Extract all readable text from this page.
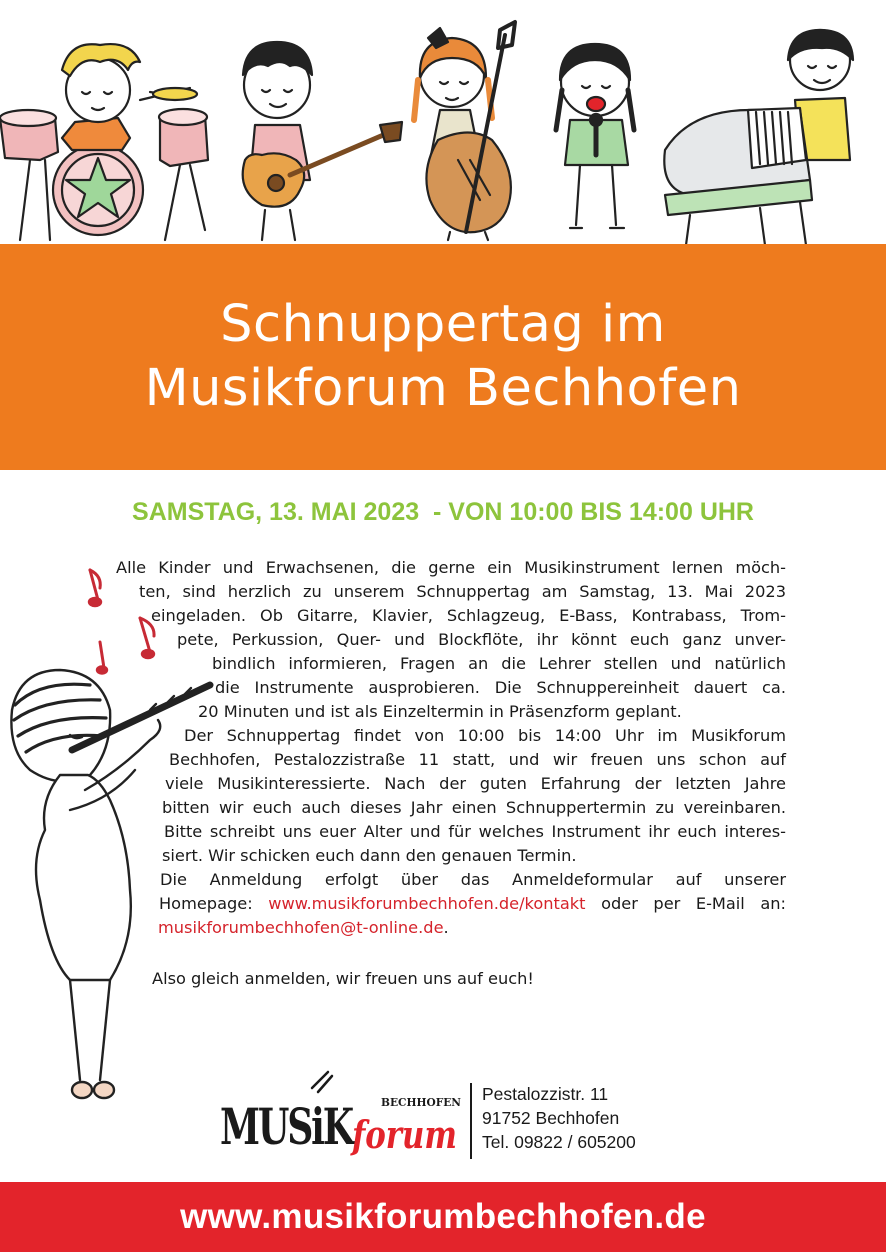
Schnuppertag im
Musikforum Bechhofen
SAMSTAG, 13. MAI 2023  - VON 10:00 BIS 14:00 UHR
Alle Kinder und Erwachsenen, die gerne ein Musikinstrument lernen möch-
ten, sind herzlich zu unserem Schnuppertag am Samstag, 13. Mai 2023
eingeladen. Ob Gitarre, Klavier, Schlagzeug, E-Bass, Kontrabass, Trom-
pete, Perkussion, Quer- und Blockflöte, ihr könnt euch ganz unver-
bindlich informieren, Fragen an die Lehrer stellen und natürlich
die Instrumente ausprobieren. Die Schnuppereinheit dauert ca.
20 Minuten und ist als Einzeltermin in Präsenzform geplant.
Der Schnuppertag findet von 10:00 bis 14:00 Uhr im Musikforum
Bechhofen, Pestalozzistraße 11 statt, und wir freuen uns schon auf
viele Musikinteressierte. Nach der guten Erfahrung der letzten Jahre
bitten wir euch auch dieses Jahr einen Schnuppertermin zu vereinbaren.
Bitte schreibt uns euer Alter und für welches Instrument ihr euch interes-
siert. Wir schicken euch dann den genauen Termin.
Die Anmeldung erfolgt über das Anmeldeformular auf unserer
Homepage: www.musikforumbechhofen.de/kontakt oder per E-Mail an:
musikforumbechhofen@t-online.de.
Also gleich anmelden, wir freuen uns auf euch!
MUSiK BECHHOFEN
forum
Pestalozzistr. 11
91752 Bechhofen
Tel. 09822 / 605200
www.musikforumbechhofen.de
